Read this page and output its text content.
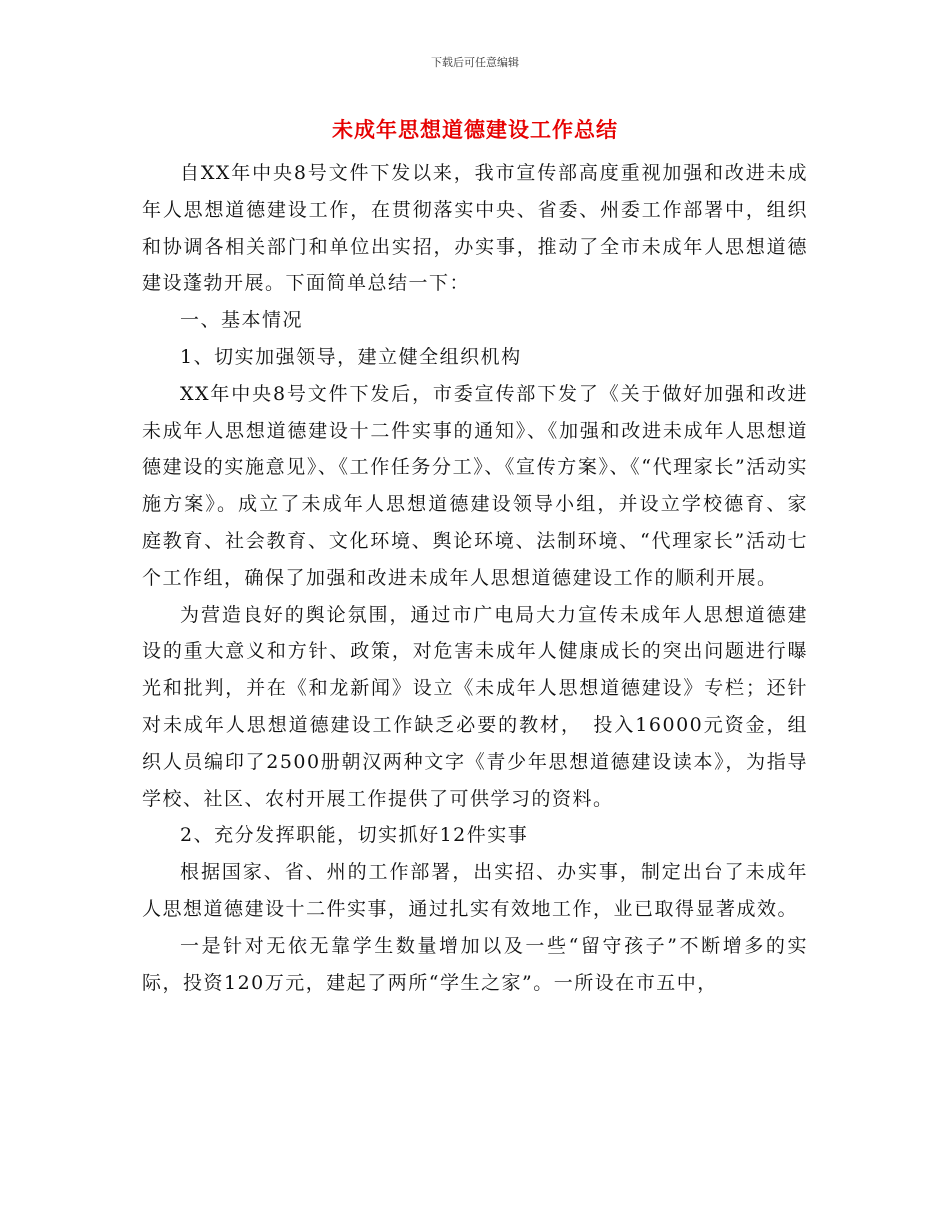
下载后可任意编辑
未成年思想道德建设工作总结

自XX年中央8号文件下发以来，我市宣传部高度重视加强和改进未成年人思想道德建设工作，在贯彻落实中央、省委、州委工作部署中，组织和协调各相关部门和单位出实招，办实事，推动了全市未成年人思想道德建设蓬勃开展。下面简单总结一下：

一、基本情况

1、切实加强领导，建立健全组织机构

XX年中央8号文件下发后，市委宣传部下发了《关于做好加强和改进未成年人思想道德建设十二件实事的通知》、《加强和改进未成年人思想道德建设的实施意见》、《工作任务分工》、《宣传方案》、《“代理家长”活动实施方案》。成立了未成年人思想道德建设领导小组，并设立学校德育、家庭教育、社会教育、文化环境、舆论环境、法制环境、“代理家长”活动七个工作组，确保了加强和改进未成年人思想道德建设工作的顺利开展。

为营造良好的舆论氛围，通过市广电局大力宣传未成年人思想道德建设的重大意义和方针、政策，对危害未成年人健康成长的突出问题进行曝光和批判，并在《和龙新闻》设立《未成年人思想道德建设》专栏；还针对未成年人思想道德建设工作缺乏必要的教材，　投入16000元资金，组织人员编印了2500册朝汉两种文字《青少年思想道德建设读本》，为指导学校、社区、农村开展工作提供了可供学习的资料。

2、充分发挥职能，切实抓好12件实事

根据国家、省、州的工作部署，出实招、办实事，制定出台了未成年人思想道德建设十二件实事，通过扎实有效地工作，业已取得显著成效。

一是针对无依无靠学生数量增加以及一些“留守孩子”不断增多的实际，投资120万元，建起了两所“学生之家”。一所设在市五中，
